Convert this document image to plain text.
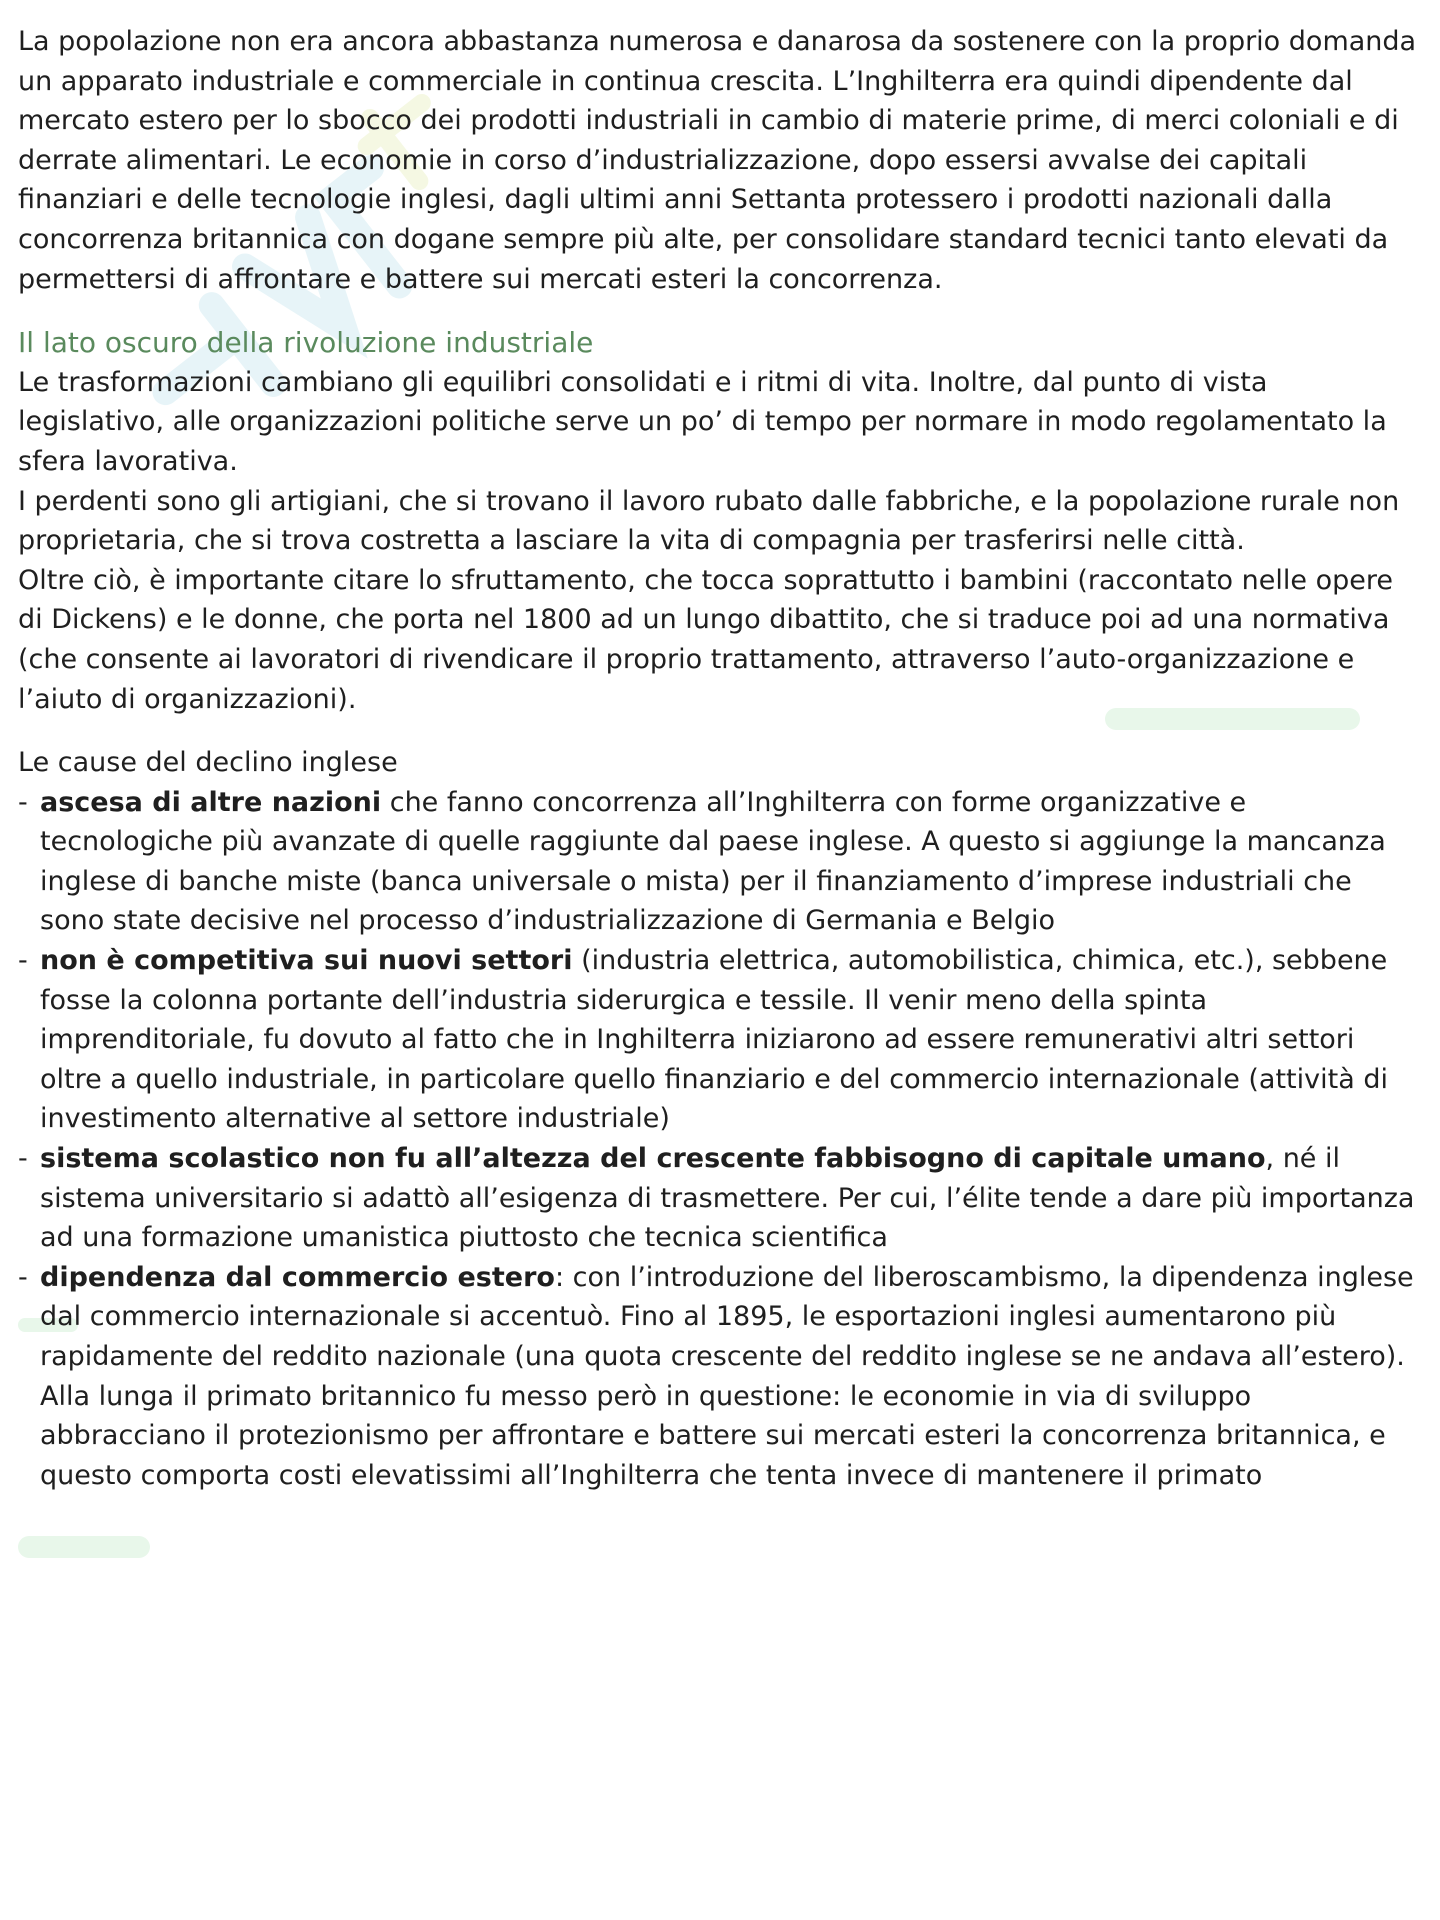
La popolazione non era ancora abbastanza numerosa e danarosa da sostenere con la proprio domanda un apparato industriale e commerciale in continua crescita. L’Inghilterra era quindi dipendente dal mercato estero per lo sbocco dei prodotti industriali in cambio di materie prime, di merci coloniali e di derrate alimentari. Le economie in corso d’industrializzazione, dopo essersi avvalse dei capitali finanziari e delle tecnologie inglesi, dagli ultimi anni Settanta protessero i prodotti nazionali dalla concorrenza britannica con dogane sempre più alte, per consolidare standard tecnici tanto elevati da permettersi di affrontare e battere sui mercati esteri la concorrenza.

Il lato oscuro della rivoluzione industriale

Le trasformazioni cambiano gli equilibri consolidati e i ritmi di vita. Inoltre, dal punto di vista legislativo, alle organizzazioni politiche serve un po’ di tempo per normare in modo regolamentato la sfera lavorativa.

I perdenti sono gli artigiani, che si trovano il lavoro rubato dalle fabbriche, e la popolazione rurale non proprietaria, che si trova costretta a lasciare la vita di compagnia per trasferirsi nelle città.

Oltre ciò, è importante citare lo sfruttamento, che tocca soprattutto i bambini (raccontato nelle opere di Dickens) e le donne, che porta nel 1800 ad un lungo dibattito, che si traduce poi ad una normativa (che consente ai lavoratori di rivendicare il proprio trattamento, attraverso l’auto-organizzazione e l’aiuto di organizzazioni).

Le cause del declino inglese

- ascesa di altre nazioni che fanno concorrenza all’Inghilterra con forme organizzative e tecnologiche più avanzate di quelle raggiunte dal paese inglese. A questo si aggiunge la mancanza inglese di banche miste (banca universale o mista) per il finanziamento d’imprese industriali che sono state decisive nel processo d’industrializzazione di Germania e Belgio
- non è competitiva sui nuovi settori (industria elettrica, automobilistica, chimica, etc.), sebbene fosse la colonna portante dell’industria siderurgica e tessile. Il venir meno della spinta imprenditoriale, fu dovuto al fatto che in Inghilterra iniziarono ad essere remunerativi altri settori oltre a quello industriale, in particolare quello finanziario e del commercio internazionale (attività di investimento alternative al settore industriale)
- sistema scolastico non fu all’altezza del crescente fabbisogno di capitale umano, né il sistema universitario si adattò all’esigenza di trasmettere. Per cui, l’élite tende a dare più importanza ad una formazione umanistica piuttosto che tecnica scientifica
- dipendenza dal commercio estero: con l’introduzione del liberoscambismo, la dipendenza inglese dal commercio internazionale si accentuò. Fino al 1895, le esportazioni inglesi aumentarono più rapidamente del reddito nazionale (una quota crescente del reddito inglese se ne andava all’estero). Alla lunga il primato britannico fu messo però in questione: le economie in via di sviluppo abbracciano il protezionismo per affrontare e battere sui mercati esteri la concorrenza britannica, e questo comporta costi elevatissimi all’Inghilterra che tenta invece di mantenere il primato
